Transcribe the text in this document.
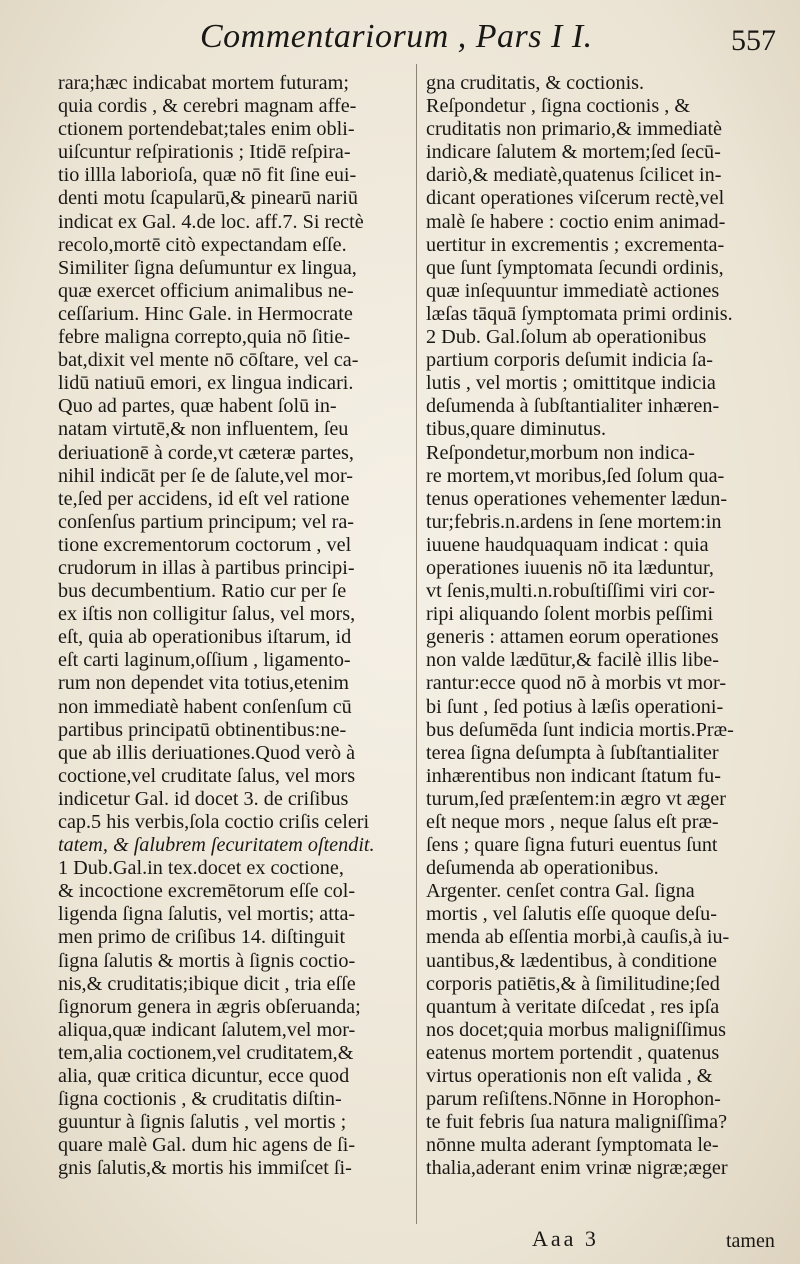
Commentariorum , Pars I I.	557
rara;hæc indicabat mortem futuram;
quia cordis , & cerebri magnam affe-
ctionem portendebat;tales enim obli-
uiſcuntur reſpirationis ; Itidē reſpira-
tio illla laborioſa, quæ nō fit ſine eui-
denti motu ſcapularū,& pinearū nariū
indicat ex Gal. 4.de loc. aff.7. Si rectè
recolo,mortē citò expectandam eſſe.
Similiter ſigna deſumuntur ex lingua,
quæ exercet officium animalibus ne-
ceſſarium. Hinc Gale. in Hermocrate
febre maligna correpto,quia nō ſitie-
bat,dixit vel mente nō cōſtare, vel ca-
lidū natiuū emori, ex lingua indicari.
Quo ad partes, quæ habent ſolū in-
natam virtutē,& non influentem, ſeu
deriuationē à corde,vt cæteræ partes,
nihil indicāt per ſe de ſalute,vel mor-
te,ſed per accidens, id eſt vel ratione
conſenſus partium principum; vel ra-
tione excrementorum coctorum , vel
crudorum in illas à partibus principi-
bus decumbentium. Ratio cur per ſe
ex iſtis non colligitur ſalus, vel mors,
eſt, quia ab operationibus iſtarum, id
eſt carti laginum,oſſium , ligamento-
rum non dependet vita totius,etenim
non immediatè habent conſenſum cū
partibus principatū obtinentibus:ne-
que ab illis deriuationes.Quod verò à
coctione,vel cruditate ſalus, vel mors
indicetur Gal. id docet 3. de criſibus
cap.5 his verbis,ſola coctio criſis celeri
tatem, & ſalubrem ſecuritatem oſtendit.
1 Dub.Gal.in tex.docet ex coctione,
& incoctione excremētorum eſſe col-
ligenda ſigna ſalutis, vel mortis; atta-
men primo de criſibus 14. diſtinguit
ſigna ſalutis & mortis à ſignis coctio-
nis,& cruditatis;ibique dicit , tria eſſe
ſignorum genera in ægris obſeruanda;
aliqua,quæ indicant ſalutem,vel mor-
tem,alia coctionem,vel cruditatem,&
alia, quæ critica dicuntur, ecce quod
ſigna coctionis , & cruditatis diſtin-
guuntur à ſignis ſalutis , vel mortis ;
quare malè Gal. dum hic agens de ſi-
gnis ſalutis,& mortis his immiſcet ſi-
gna cruditatis, & coctionis.
Reſpondetur , ſigna coctionis , &
cruditatis non primario,& immediatè
indicare ſalutem & mortem;ſed ſecū-
dariò,& mediatè,quatenus ſcilicet in-
dicant operationes viſcerum rectè,vel
malè ſe habere : coctio enim animad-
uertitur in excrementis ; excrementa-
que ſunt ſymptomata ſecundi ordinis,
quæ inſequuntur immediatè actiones
læſas tāquā ſymptomata primi ordinis.
2 Dub. Gal.ſolum ab operationibus
partium corporis deſumit indicia ſa-
lutis , vel mortis ; omittitque indicia
deſumenda à ſubſtantialiter inhæren-
tibus,quare diminutus.
Reſpondetur,morbum non indica-
re mortem,vt moribus,ſed ſolum qua-
tenus operationes vehementer lædun-
tur;febris.n.ardens in ſene mortem:in
iuuene haudquaquam indicat : quia
operationes iuuenis nō ita læduntur,
vt ſenis,multi.n.robuſtiſſimi viri cor-
ripi aliquando ſolent morbis peſſimi
generis : attamen eorum operationes
non valde lædūtur,& facilè illis libe-
rantur:ecce quod nō à morbis vt mor-
bi ſunt , ſed potius à læſis operationi-
bus deſumēda ſunt indicia mortis.Præ-
terea ſigna deſumpta à ſubſtantialiter
inhærentibus non indicant ſtatum fu-
turum,ſed præſentem:in ægro vt æger
eſt neque mors , neque ſalus eſt præ-
ſens ; quare ſigna futuri euentus ſunt
deſumenda ab operationibus.
Argenter. cenſet contra Gal. ſigna
mortis , vel ſalutis eſſe quoque deſu-
menda ab eſſentia morbi,à cauſis,à iu-
uantibus,& lædentibus, à conditione
corporis patiētis,& à ſimilitudine;ſed
quantum à veritate diſcedat , res ipſa
nos docet;quia morbus maligniſſimus
eatenus mortem portendit , quatenus
virtus operationis non eſt valida , &
parum reſiſtens.Nōnne in Horophon-
te fuit febris ſua natura maligniſſima?
nōnne multa aderant ſymptomata le-
thalia,aderant enim vrinæ nigræ;æger
Aaa 3	tamen
